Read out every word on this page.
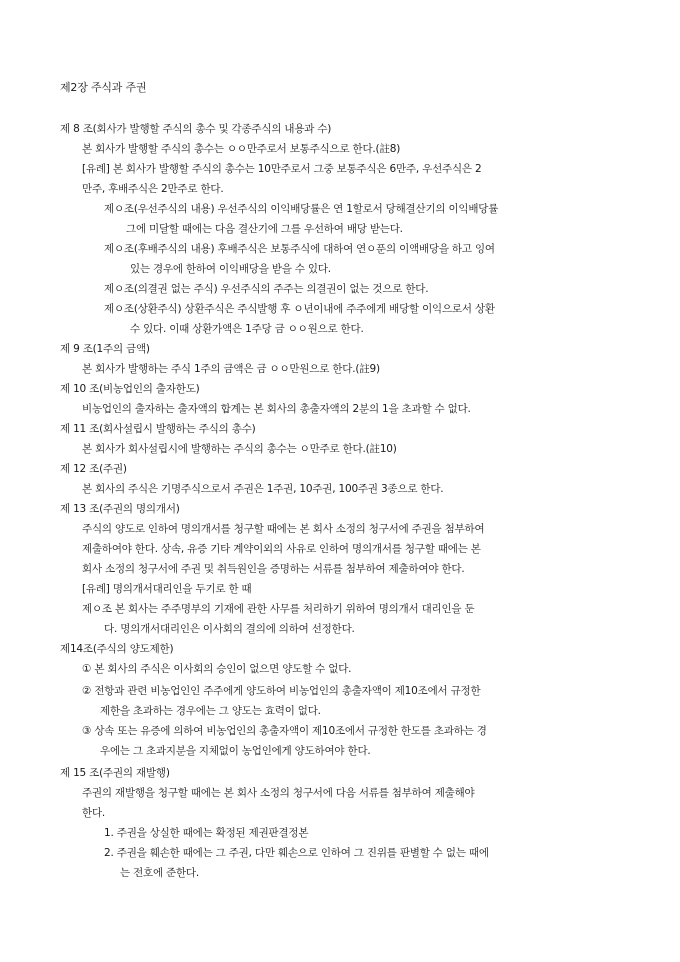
제2장 주식과 주권
제 8 조(회사가 발행할 주식의 총수 및 각종주식의 내용과 수)
본 회사가 발행할 주식의 총수는 ㅇㅇ만주로서 보통주식으로 한다.(註8)
[유례] 본 회사가 발행할 주식의 총수는 10만주로서 그중 보통주식은 6만주, 우선주식은 2
만주, 후배주식은 2만주로 한다.
제ㅇ조(우선주식의 내용) 우선주식의 이익배당률은 연 1할로서 당해결산기의 이익배당률
그에 미달할 때에는 다음 결산기에 그를 우선하여 배당 받는다.
제ㅇ조(후배주식의 내용) 후배주식은 보통주식에 대하여 연ㅇ푼의 이액배당을 하고 잉여
있는 경우에 한하여 이익배당을 받을 수 있다.
제ㅇ조(의결권 없는 주식) 우선주식의 주주는 의결권이 없는 것으로 한다.
제ㅇ조(상환주식) 상환주식은 주식발행 후 ㅇ년이내에 주주에게 배당할 이익으로서 상환
수 있다. 이때 상환가액은 1주당 금 ㅇㅇ원으로 한다.
제 9 조(1주의 금액)
본 회사가 발행하는 주식 1주의 금액은 금 ㅇㅇ만원으로 한다.(註9)
제 10 조(비농업인의 출자한도)
비농업인의 출자하는 출자액의 합계는 본 회사의 총출자액의 2분의 1을 초과할 수 없다.
제 11 조(회사설립시 발행하는 주식의 총수)
본 회사가 회사설립시에 발행하는 주식의 총수는 ㅇ만주로 한다.(註10)
제 12 조(주권)
본 회사의 주식은 기명주식으로서 주권은 1주권, 10주권, 100주권 3종으로 한다.
제 13 조(주권의 명의개서)
주식의 양도로 인하여 명의개서를 청구할 때에는 본 회사 소정의 청구서에 주권을 첨부하여
제출하여야 한다. 상속, 유증 기타 계약이외의 사유로 인하여 명의개서를 청구할 때에는 본
회사 소정의 청구서에 주권 및 취득원인을 증명하는 서류를 첨부하여 제출하여야 한다.
[유례] 명의개서대리인을 두기로 한 때
제ㅇ조 본 회사는 주주명부의 기재에 관한 사무를 처리하기 위하여 명의개서 대리인을 둔
다. 명의개서대리인은 이사회의 결의에 의하여 선정한다.
제14조(주식의 양도제한)
① 본 회사의 주식은 이사회의 승인이 없으면 양도할 수 없다.
② 전항과 관련 비농업인인 주주에게 양도하여 비농업인의 총출자액이 제10조에서 규정한
제한을 초과하는 경우에는 그 양도는 효력이 없다.
③ 상속 또는 유증에 의하여 비농업인의 총출자액이 제10조에서 규정한 한도를 초과하는 경
우에는 그 초과지분을 지체없이 농업인에게 양도하여야 한다.
제 15 조(주권의 재발행)
주권의 재발행을 청구할 때에는 본 회사 소정의 청구서에 다음 서류를 첨부하여 제출해야
한다.
1. 주권을 상실한 때에는 확정된 제권판결정본
2. 주권을 훼손한 때에는 그 주권, 다만 훼손으로 인하여 그 진위를 판별할 수 없는 때에
는 전호에 준한다.
